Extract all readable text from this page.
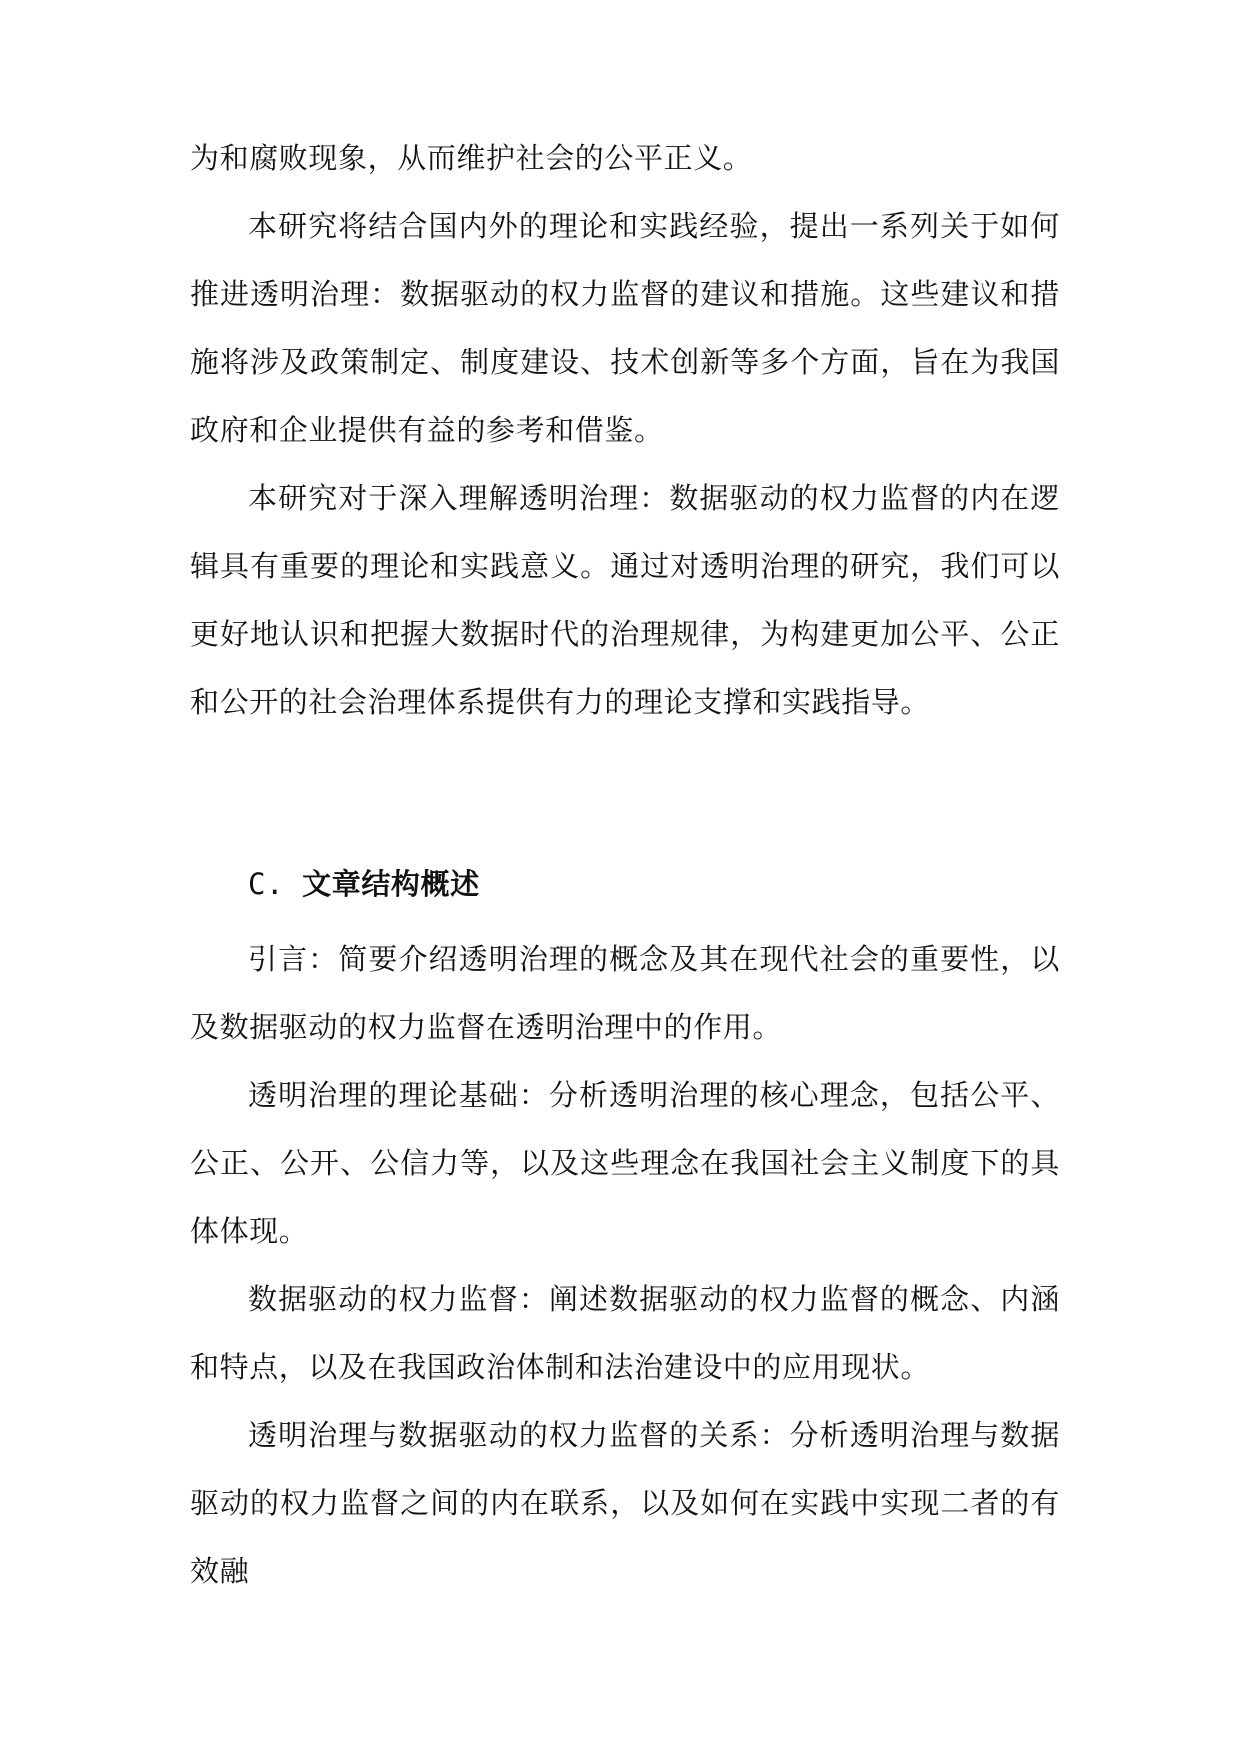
为和腐败现象，从而维护社会的公平正义。

本研究将结合国内外的理论和实践经验，提出一系列关于如何推进透明治理：数据驱动的权力监督的建议和措施。这些建议和措施将涉及政策制定、制度建设、技术创新等多个方面，旨在为我国政府和企业提供有益的参考和借鉴。

本研究对于深入理解透明治理：数据驱动的权力监督的内在逻辑具有重要的理论和实践意义。通过对透明治理的研究，我们可以更好地认识和把握大数据时代的治理规律，为构建更加公平、公正和公开的社会治理体系提供有力的理论支撑和实践指导。

C. 文章结构概述

引言：简要介绍透明治理的概念及其在现代社会的重要性，以及数据驱动的权力监督在透明治理中的作用。

透明治理的理论基础：分析透明治理的核心理念，包括公平、公正、公开、公信力等，以及这些理念在我国社会主义制度下的具体体现。

数据驱动的权力监督：阐述数据驱动的权力监督的概念、内涵和特点，以及在我国政治体制和法治建设中的应用现状。

透明治理与数据驱动的权力监督的关系：分析透明治理与数据驱动的权力监督之间的内在联系，以及如何在实践中实现二者的有效融
